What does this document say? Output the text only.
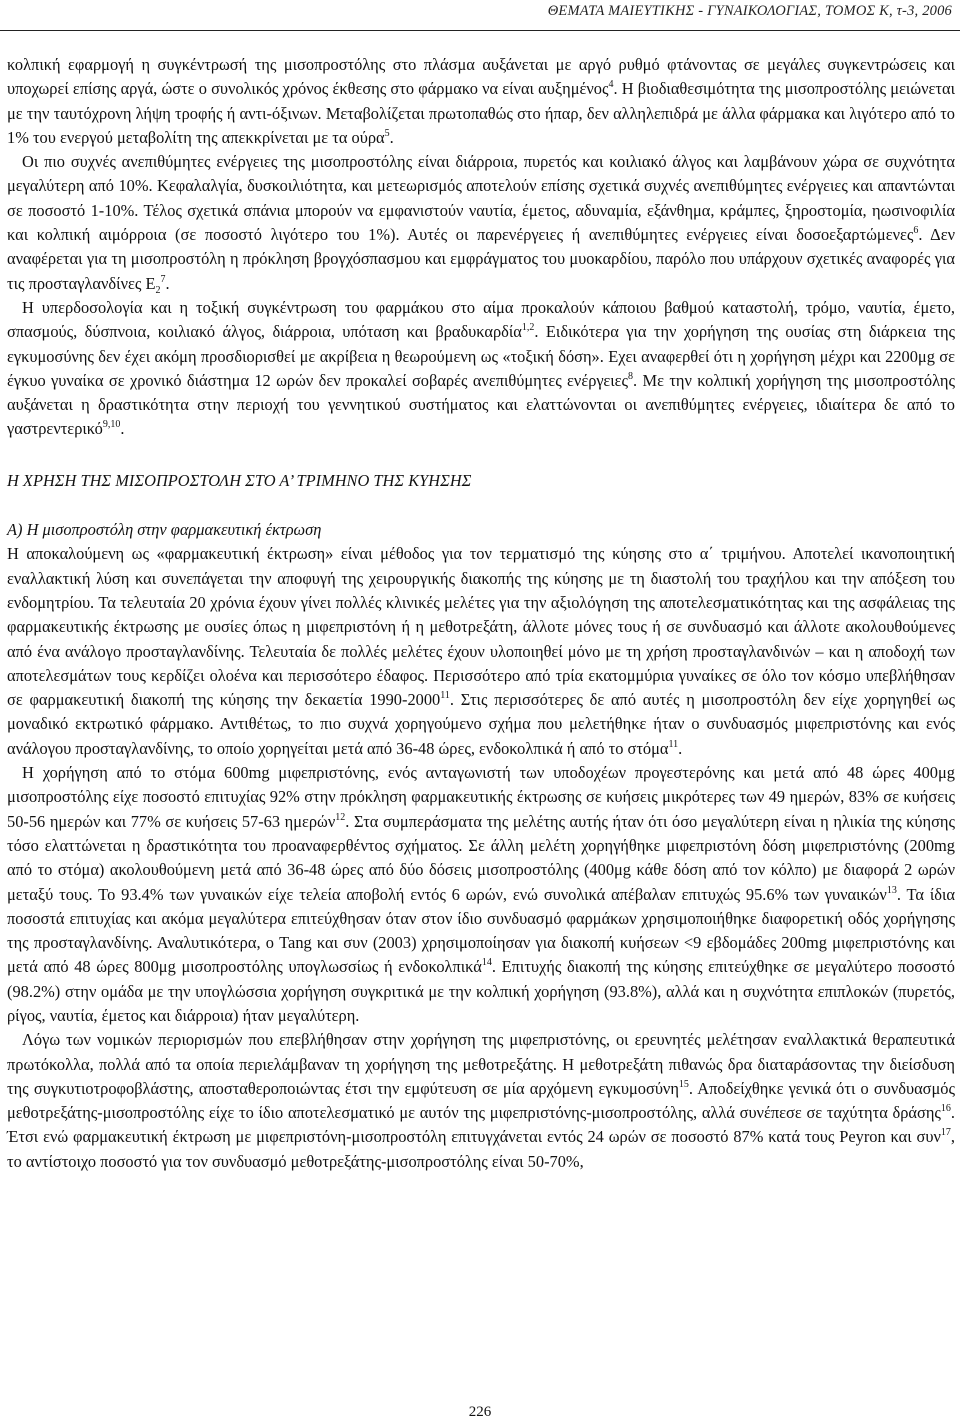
ΘΕΜΑΤΑ ΜΑΙΕΥΤΙΚΗΣ - ΓΥΝΑΙΚΟΛΟΓΙΑΣ, ΤΟΜΟΣ Κ, τ-3, 2006

κολπική εφαρμογή η συγκέντρωσή της μισοπροστόλης στο πλάσμα αυξάνεται με αργό ρυθμό φτάνοντας σε μεγάλες συγκεντρώσεις και υποχωρεί επίσης αργά, ώστε ο συνολικός χρόνος έκθεσης στο φάρμακο να είναι αυξημένος$^4$. Η βιοδιαθεσιμότητα της μισοπροστόλης μειώνεται με την ταυτόχρονη λήψη τροφής ή αντι-όξινων. Μεταβολίζεται πρωτοπαθώς στο ήπαρ, δεν αλληλεπιδρά με άλλα φάρμακα και λιγότερο από το 1% του ενεργού μεταβολίτη της απεκκρίνεται με τα ούρα$^5$.

Οι πιο συχνές ανεπιθύμητες ενέργειες της μισοπροστόλης είναι διάρροια, πυρετός και κοιλιακό άλγος και λαμβάνουν χώρα σε συχνότητα μεγαλύτερη από 10%. Κεφαλαλγία, δυσκοιλιότητα, και μετεωρισμός αποτελούν επίσης σχετικά συχνές ανεπιθύμητες ενέργειες και απαντώνται σε ποσοστό 1-10%. Τέλος σχετικά σπάνια μπορούν να εμφανιστούν ναυτία, έμετος, αδυναμία, εξάνθημα, κράμπες, ξηροστομία, ηωσινοφιλία και κολπική αιμόρροια (σε ποσοστό λιγότερο του 1%). Αυτές οι παρενέργειες ή ανεπιθύμητες ενέργειες είναι δοσοεξαρτώμενες$^6$. Δεν αναφέρεται για τη μισοπροστόλη η πρόκληση βρογχόσπασμου και εμφράγματος του μυοκαρδίου, παρόλο που υπάρχουν σχετικές αναφορές για τις προσταγλανδίνες $E_2^7$.

Η υπερδοσολογία και η τοξική συγκέντρωση του φαρμάκου στο αίμα προκαλούν κάποιου βαθμού καταστολή, τρόμο, ναυτία, έμετο, σπασμούς, δύσπνοια, κοιλιακό άλγος, διάρροια, υπόταση και βραδυκαρδία$^{1,2}$. Ειδικότερα για την χορήγηση της ουσίας στη διάρκεια της εγκυμοσύνης δεν έχει ακόμη προσδιορισθεί με ακρίβεια η θεωρούμενη ως «τοξική δόση». Εχει αναφερθεί ότι η χορήγηση μέχρι και 2200μg σε έγκυο γυναίκα σε χρονικό διάστημα 12 ωρών δεν προκαλεί σοβαρές ανεπιθύμητες ενέργειες$^8$. Με την κολπική χορήγηση της μισοπροστόλης αυξάνεται η δραστικότητα στην περιοχή του γεννητικού συστήματος και ελαττώνονται οι ανεπιθύμητες ενέργειες, ιδιαίτερα δε από το γαστρεντερικό$^{9,10}$.

Η ΧΡΗΣΗ ΤΗΣ ΜΙΣΟΠΡΟΣΤΟΛΗ ΣΤΟ Α’ ΤΡΙΜΗΝΟ ΤΗΣ ΚΥΗΣΗΣ

Α) Η μισοπροστόλη στην φαρμακευτική έκτρωση

Η αποκαλούμενη ως «φαρμακευτική έκτρωση» είναι μέθοδος για τον τερματισμό της κύησης στο α΄ τριμήνου. Αποτελεί ικανοποιητική εναλλακτική λύση και συνεπάγεται την αποφυγή της χειρουργικής διακοπής της κύησης με τη διαστολή του τραχήλου και την απόξεση του ενδομητρίου. Τα τελευταία 20 χρόνια έχουν γίνει πολλές κλινικές μελέτες για την αξιολόγηση της αποτελεσματικότητας και της ασφάλειας της φαρμακευτικής έκτρωσης με ουσίες όπως η μιφεπριστόνη ή η μεθοτρεξάτη, άλλοτε μόνες τους ή σε συνδυασμό και άλλοτε ακολουθούμενες από ένα ανάλογο προσταγλανδίνης. Τελευταία δε πολλές μελέτες έχουν υλοποιηθεί μόνο με τη χρήση προσταγλανδινών – και η αποδοχή των αποτελεσμάτων τους κερδίζει ολοένα και περισσότερο έδαφος. Περισσότερο από τρία εκατομμύρια γυναίκες σε όλο τον κόσμο υπεβλήθησαν σε φαρμακευτική διακοπή της κύησης την δεκαετία 1990-2000$^{11}$. Στις περισσότερες δε από αυτές η μισοπροστόλη δεν είχε χορηγηθεί ως μοναδικό εκτρωτικό φάρμακο. Αντιθέτως, το πιο συχνά χορηγούμενο σχήμα που μελετήθηκε ήταν ο συνδυασμός μιφεπριστόνης και ενός ανάλογου προσταγλανδίνης, το οποίο χορηγείται μετά από 36-48 ώρες, ενδοκολπικά ή από το στόμα$^{11}$.

Η χορήγηση από το στόμα 600mg μιφεπριστόνης, ενός ανταγωνιστή των υποδοχέων προγεστερόνης και μετά από 48 ώρες 400μg μισοπροστόλης είχε ποσοστό επιτυχίας 92% στην πρόκληση φαρμακευτικής έκτρωσης σε κυήσεις μικρότερες των 49 ημερών, 83% σε κυήσεις 50-56 ημερών και 77% σε κυήσεις 57-63 ημερών$^{12}$. Στα συμπεράσματα της μελέτης αυτής ήταν ότι όσο μεγαλύτερη είναι η ηλικία της κύησης τόσο ελαττώνεται η δραστικότητα του προαναφερθέντος σχήματος. Σε άλλη μελέτη χορηγήθηκε μιφεπριστόνη δόση μιφεπριστόνης (200mg από το στόμα) ακολουθούμενη μετά από 36-48 ώρες από δύο δόσεις μισοπροστόλης (400μg κάθε δόση από τον κόλπο) με διαφορά 2 ωρών μεταξύ τους. Το 93.4% των γυναικών είχε τελεία αποβολή εντός 6 ωρών, ενώ συνολικά απέβαλαν επιτυχώς 95.6% των γυναικών$^{13}$. Τα ίδια ποσοστά επιτυχίας και ακόμα μεγαλύτερα επιτεύχθησαν όταν στον ίδιο συνδυασμό φαρμάκων χρησιμοποιήθηκε διαφορετική οδός χορήγησης της προσταγλανδίνης. Αναλυτικότερα, ο Tang και συν (2003) χρησιμοποίησαν για διακοπή κυήσεων <9 εβδομάδες 200mg μιφεπριστόνης και μετά από 48 ώρες 800μg μισοπροστόλης υπογλωσσίως ή ενδοκολπικά$^{14}$. Επιτυχής διακοπή της κύησης επιτεύχθηκε σε μεγαλύτερο ποσοστό (98.2%) στην ομάδα με την υπογλώσσια χορήγηση συγκριτικά με την κολπική χορήγηση (93.8%), αλλά και η συχνότητα επιπλοκών (πυρετός, ρίγος, ναυτία, έμετος και διάρροια) ήταν μεγαλύτερη.

Λόγω των νομικών περιορισμών που επεβλήθησαν στην χορήγηση της μιφεπριστόνης, οι ερευνητές μελέτησαν εναλλακτικά θεραπευτικά πρωτόκολλα, πολλά από τα οποία περιελάμβαναν τη χορήγηση της μεθοτρεξάτης. Η μεθοτρεξάτη πιθανώς δρα διαταράσοντας την διείσδυση της συγκυτιοτροφοβλάστης, αποσταθεροποιώντας έτσι την εμφύτευση σε μία αρχόμενη εγκυμοσύνη$^{15}$. Αποδείχθηκε γενικά ότι ο συνδυασμός μεθοτρεξάτης-μισοπροστόλης είχε το ίδιο αποτελεσματικό με αυτόν της μιφεπριστόνης-μισοπροστόλης, αλλά συνέπεσε σε ταχύτητα δράσης$^{16}$. Έτσι ενώ φαρμακευτική έκτρωση με μιφεπριστόνη-μισοπροστόλη επιτυγχάνεται εντός 24 ωρών σε ποσοστό 87% κατά τους Peyron και συν$^{17}$, το αντίστοιχο ποσοστό για τον συνδυασμό μεθοτρεξάτης-μισοπροστόλης είναι 50-70%,

226
